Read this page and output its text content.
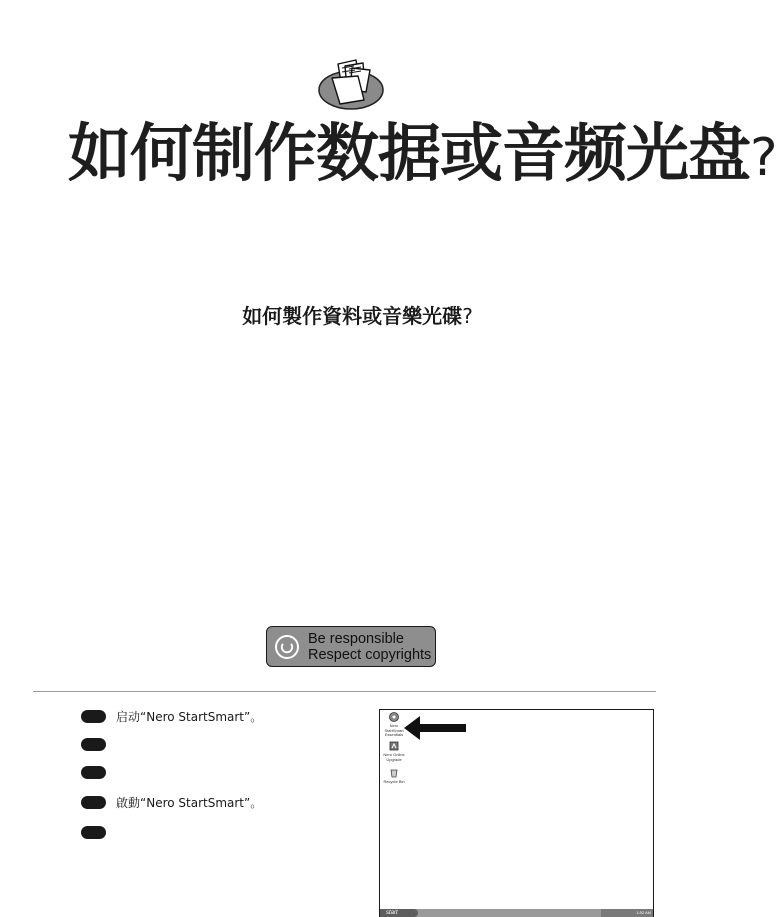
如何制作数据或音频光盘?
如何製作資料或音樂光碟?
Be responsible
Respect copyrights
启动“Nero StartSmart”。
啟動“Nero StartSmart”。
Nero StartSmart Essentials
Nero Online Upgrade
Recycle Bin
start	1:52 AM
